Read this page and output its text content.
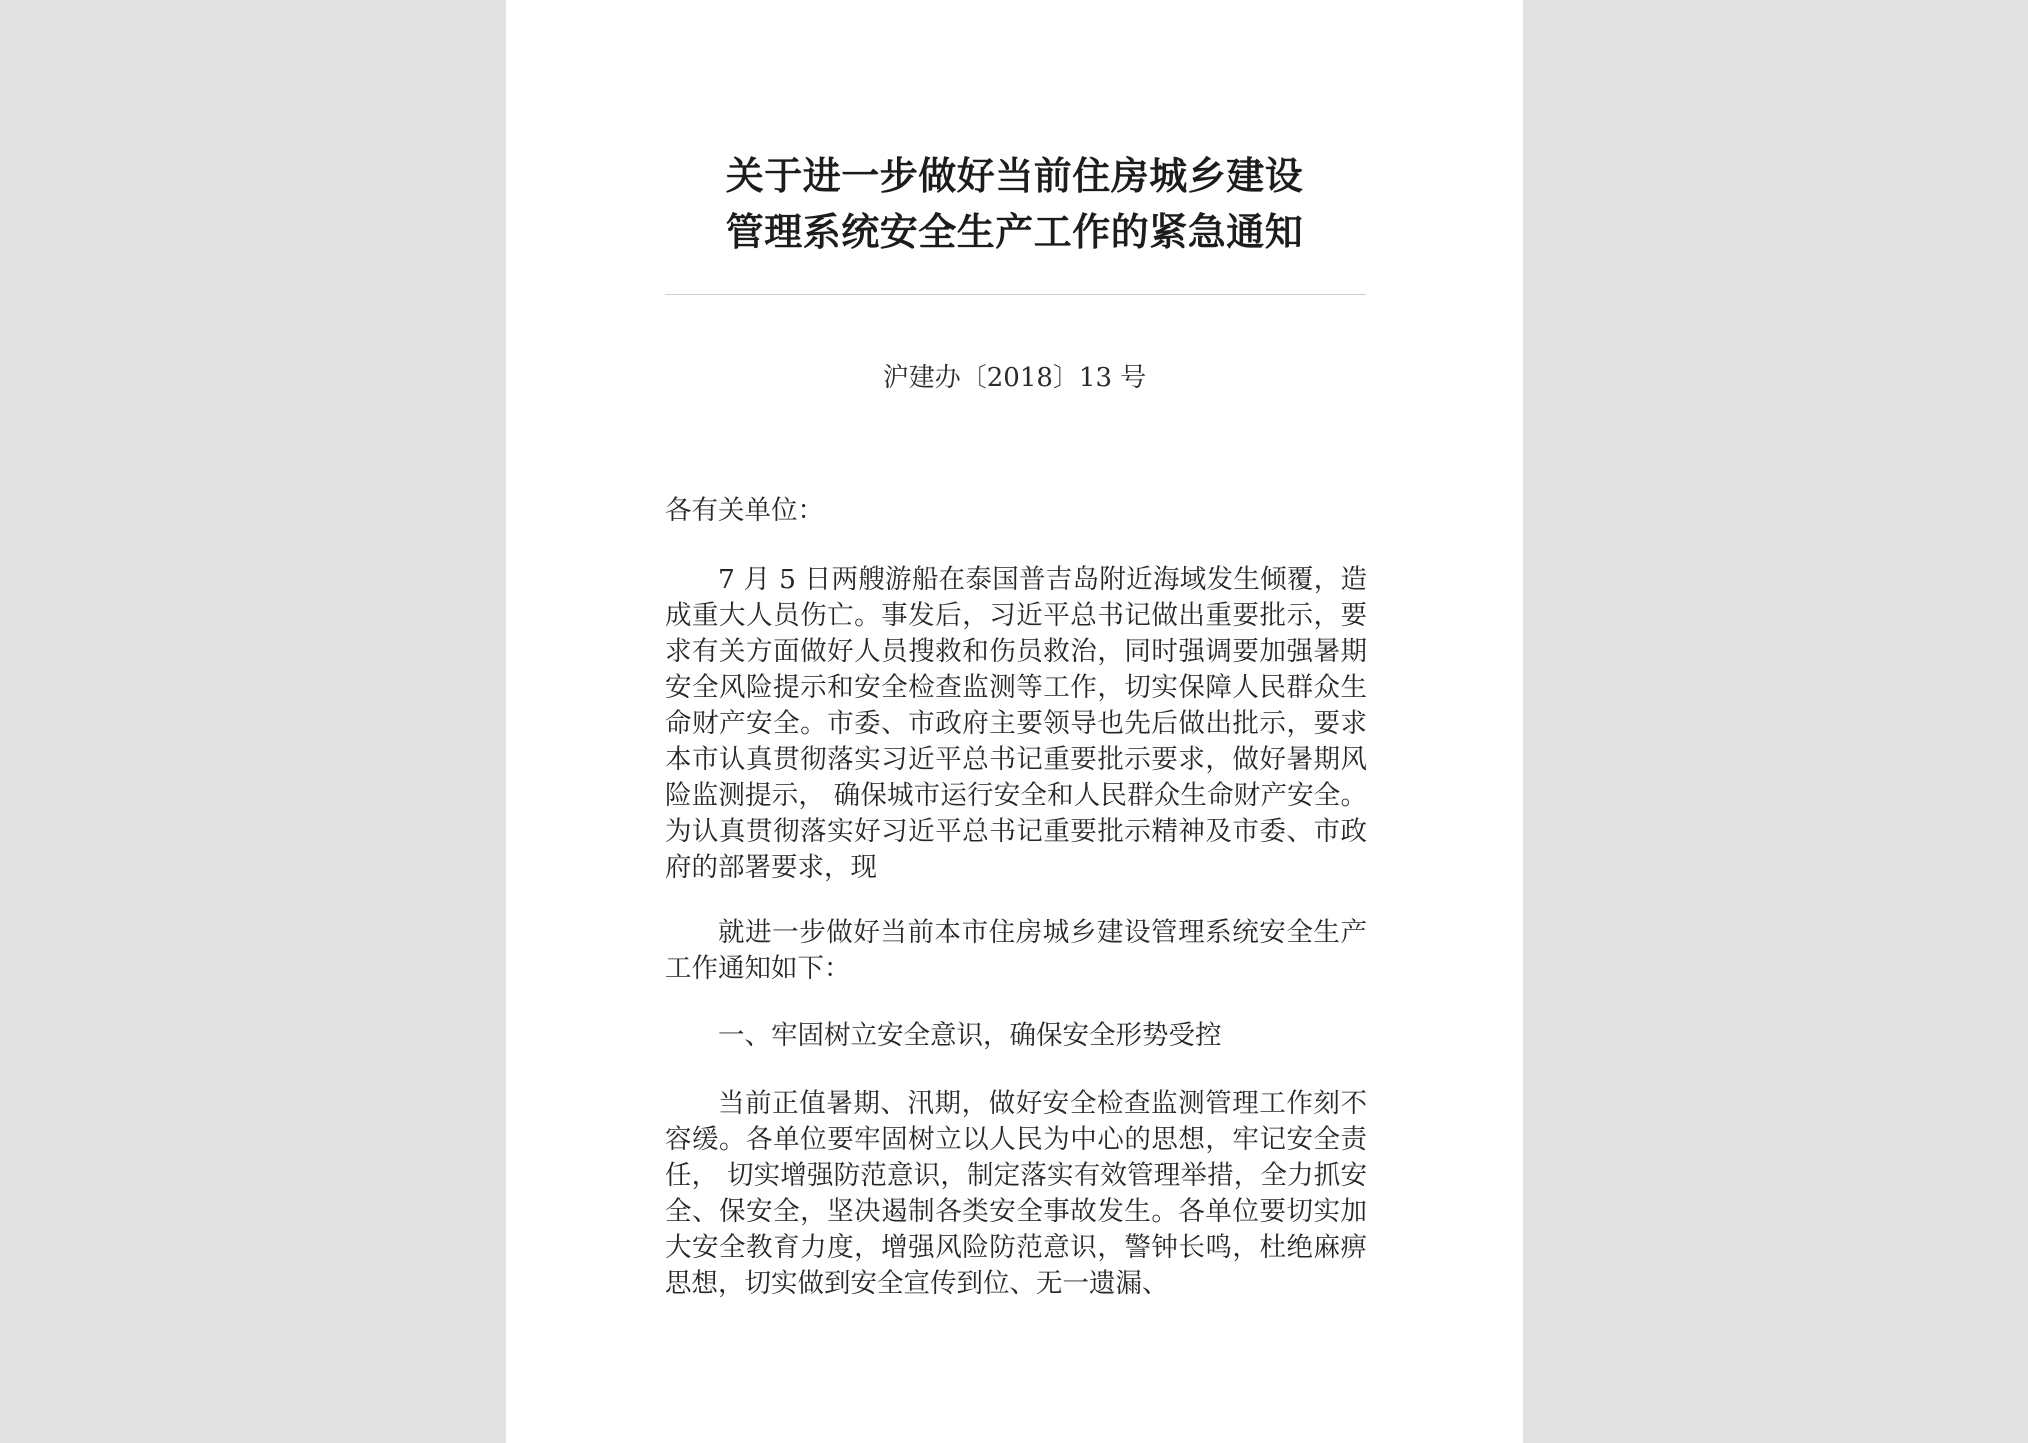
关于进一步做好当前住房城乡建设
管理系统安全生产工作的紧急通知
沪建办〔2018〕13 号
各有关单位：
7 月 5 日两艘游船在泰国普吉岛附近海域发生倾覆，造成重大人员伤亡。事发后，习近平总书记做出重要批示，要求有关方面做好人员搜救和伤员救治，同时强调要加强暑期安全风险提示和安全检查监测等工作，切实保障人民群众生命财产安全。市委、市政府主要领导也先后做出批示，要求本市认真贯彻落实习近平总书记重要批示要求，做好暑期风险监测提示， 确保城市运行安全和人民群众生命财产安全。为认真贯彻落实好习近平总书记重要批示精神及市委、市政府的部署要求，现
就进一步做好当前本市住房城乡建设管理系统安全生产工作通知如下：
一、牢固树立安全意识，确保安全形势受控
当前正值暑期、汛期，做好安全检查监测管理工作刻不容缓。各单位要牢固树立以人民为中心的思想，牢记安全责任， 切实增强防范意识，制定落实有效管理举措，全力抓安全、保安全，坚决遏制各类安全事故发生。各单位要切实加大安全教育力度，增强风险防范意识，警钟长鸣，杜绝麻痹思想，切实做到安全宣传到位、无一遗漏、
